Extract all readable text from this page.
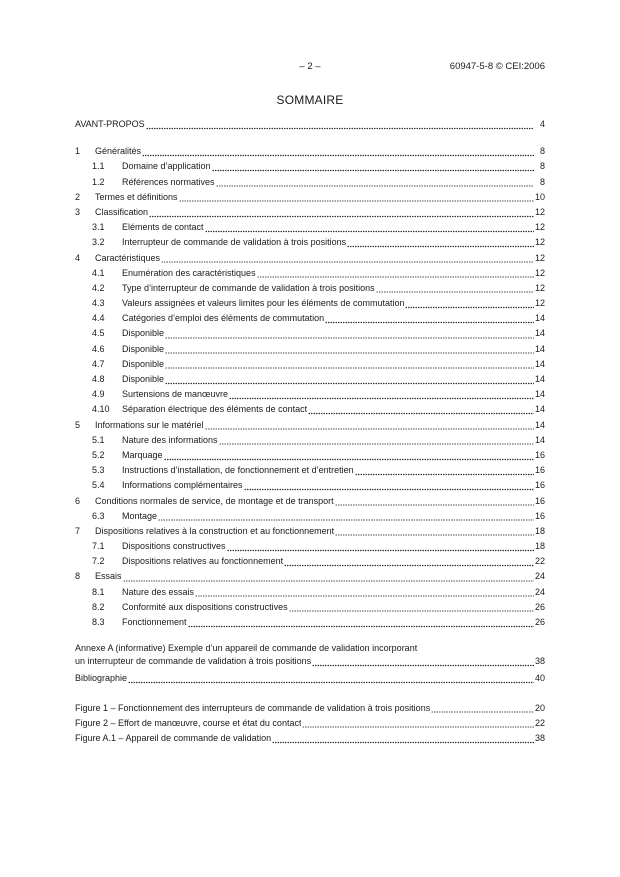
– 2 –	60947-5-8 © CEI:2006
SOMMAIRE
AVANT-PROPOS	4
1	Généralités	8
1.1	Domaine d’application	8
1.2	Références normatives	8
2	Termes et définitions	10
3	Classification	12
3.1	Eléments de contact	12
3.2	Interrupteur de commande de validation à trois positions	12
4	Caractéristiques	12
4.1	Enumération des caractéristiques	12
4.2	Type d’interrupteur de commande de validation à trois positions	12
4.3	Valeurs assignées et valeurs limites pour les éléments de commutation	12
4.4	Catégories d’emploi des éléments de commutation	14
4.5	Disponible	14
4.6	Disponible	14
4.7	Disponible	14
4.8	Disponible	14
4.9	Surtensions de manœuvre	14
4.10	Séparation électrique des éléments de contact	14
5	Informations sur le matériel	14
5.1	Nature des informations	14
5.2	Marquage	16
5.3	Instructions d’installation, de fonctionnement et d’entretien	16
5.4	Informations complémentaires	16
6	Conditions normales de service, de montage et de transport	16
6.3	Montage	16
7	Dispositions relatives à la construction et au fonctionnement	18
7.1	Dispositions constructives	18
7.2	Dispositions relatives au fonctionnement	22
8	Essais	24
8.1	Nature des essais	24
8.2	Conformité aux dispositions constructives	26
8.3	Fonctionnement	26
Annexe A (informative) Exemple d’un appareil de commande de validation incorporant
un interrupteur de commande de validation à trois positions	38
Bibliographie	40
Figure 1 – Fonctionnement des interrupteurs de commande de validation à trois positions	20
Figure 2 – Effort de manœuvre, course et état du contact	22
Figure A.1 – Appareil de commande de validation	38
